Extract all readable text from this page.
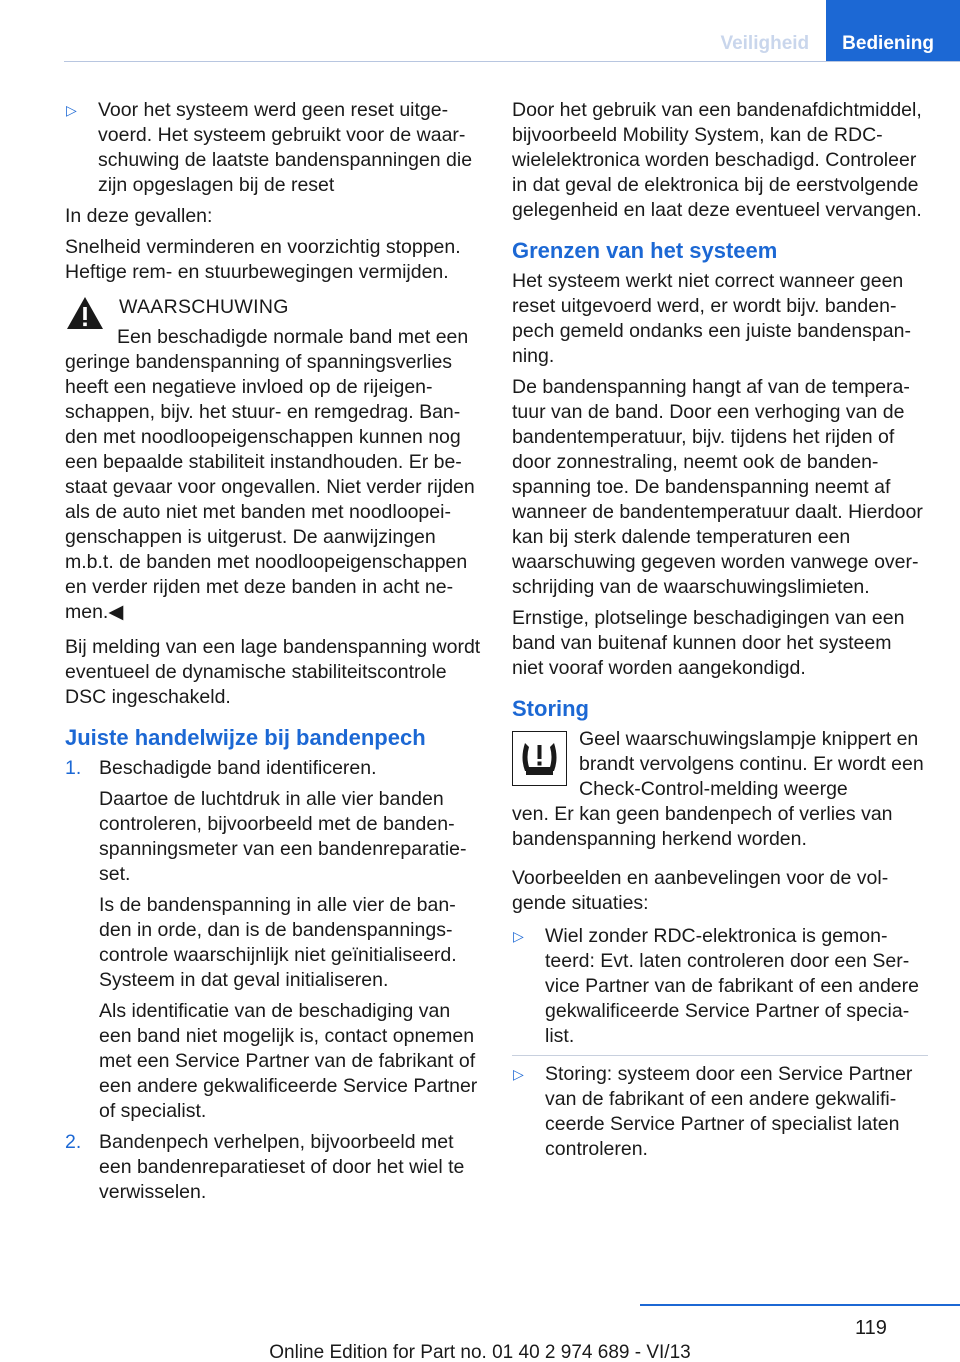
Veiligheid	Bediening
▷	Voor het systeem werd geen reset uitgevoerd. Het systeem gebruikt voor de waarschuwing de laatste bandenspanningen die zijn opgeslagen bij de reset

In deze gevallen:

Snelheid verminderen en voorzichtig stoppen. Heftige rem- en stuurbewegingen vermijden.

WAARSCHUWING
Een beschadigde normale band met een geringe bandenspanning of spanningsverlies heeft een negatieve invloed op de rijeigenschappen, bijv. het stuur- en remgedrag. Banden met noodloopeigenschappen kunnen nog een bepaalde stabiliteit instandhouden. Er bestaat gevaar voor ongevallen. Niet verder rijden als de auto niet met banden met noodloopeigenschappen is uitgerust. De aanwijzingen m.b.t. de banden met noodloopeigenschappen en verder rijden met deze banden in acht nemen.◀

Bij melding van een lage bandenspanning wordt eventueel de dynamische stabiliteitscontrole DSC ingeschakeld.

Juiste handelwijze bij bandenpech
1. Beschadigde band identificeren.

Daartoe de luchtdruk in alle vier banden controleren, bijvoorbeeld met de bandenspanningsmeter van een bandenreparatieset.

Is de bandenspanning in alle vier de banden in orde, dan is de bandenspanningscontrole waarschijnlijk niet geïnitialiseerd. Systeem in dat geval initialiseren.

Als identificatie van de beschadiging van een band niet mogelijk is, contact opnemen met een Service Partner van de fabrikant of een andere gekwalificeerde Service Partner of specialist.

2. Bandenpech verhelpen, bijvoorbeeld met een bandenreparatieset of door het wiel te verwisselen.

Door het gebruik van een bandenafdichtmiddel, bijvoorbeeld Mobility System, kan de RDC-wielelektronica worden beschadigd. Controleer in dat geval de elektronica bij de eerstvolgende gelegenheid en laat deze eventueel vervangen.

Grenzen van het systeem

Het systeem werkt niet correct wanneer geen reset uitgevoerd werd, er wordt bijv. bandenpech gemeld ondanks een juiste bandenspanning.

De bandenspanning hangt af van de temperatuur van de band. Door een verhoging van de bandentemperatuur, bijv. tijdens het rijden of door zonnestraling, neemt ook de bandenspanning toe. De bandenspanning neemt af wanneer de bandentemperatuur daalt. Hierdoor kan bij sterk dalende temperaturen een waarschuwing gegeven worden vanwege overschrijding van de waarschuwingslimieten.

Ernstige, plotselinge beschadigingen van een band van buitenaf kunnen door het systeem niet vooraf worden aangekondigd.

Storing
Geel waarschuwingslampje knippert en brandt vervolgens continu. Er wordt een Check-Control-melding weerge

ven. Er kan geen bandenpech of verlies van bandenspanning herkend worden.

Voorbeelden en aanbevelingen voor de volgende situaties:

▷	Wiel zonder RDC-elektronica is gemonteerd: Evt. laten controleren door een Service Partner van de fabrikant of een andere gekwalificeerde Service Partner of specialist.
▷	Storing: systeem door een Service Partner van de fabrikant of een andere gekwalificeerde Service Partner of specialist laten controleren.
119
Online Edition for Part no. 01 40 2 974 689 - VI/13
